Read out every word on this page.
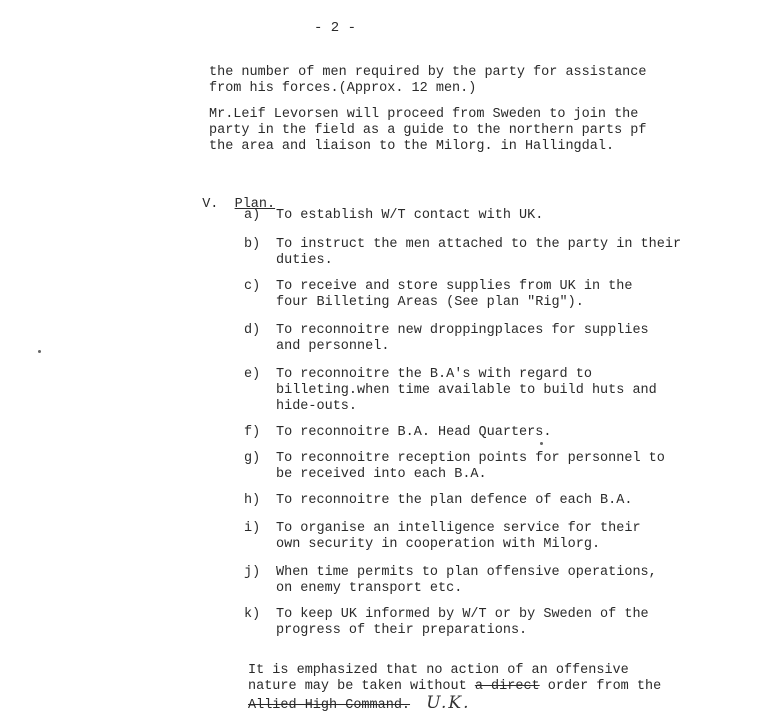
- 2 -
the number of men required by the party for assistance
from his forces.(Approx. 12 men.)
Mr.Leif Levorsen will proceed from Sweden to join the
party in the field as a guide to the northern parts pf
the area and liaison to the Milorg. in Hallingdal.

V. Plan.

a) To establish W/T contact with UK.
b) To instruct the men attached to the party in their
duties.
c) To receive and store supplies from UK in the
four Billeting Areas (See plan "Rig").
d) To reconnoitre new droppingplaces for supplies
and personnel.
e) To reconnoitre the B.A's with regard to
billeting.when time available to build huts and
hide-outs.
f) To reconnoitre B.A. Head Quarters.
g) To reconnoitre reception points for personnel to
be received into each B.A.
h) To reconnoitre the plan defence of each B.A.
i) To organise an intelligence service for their
own security in cooperation with Milorg.
j) When time permits to plan offensive operations,
on enemy transport etc.
k) To keep UK informed by W/T or by Sweden of the
progress of their preparations.
It is emphasized that no action of an offensive
nature may be taken without a direct order from the
Allied High Command. U.K.
